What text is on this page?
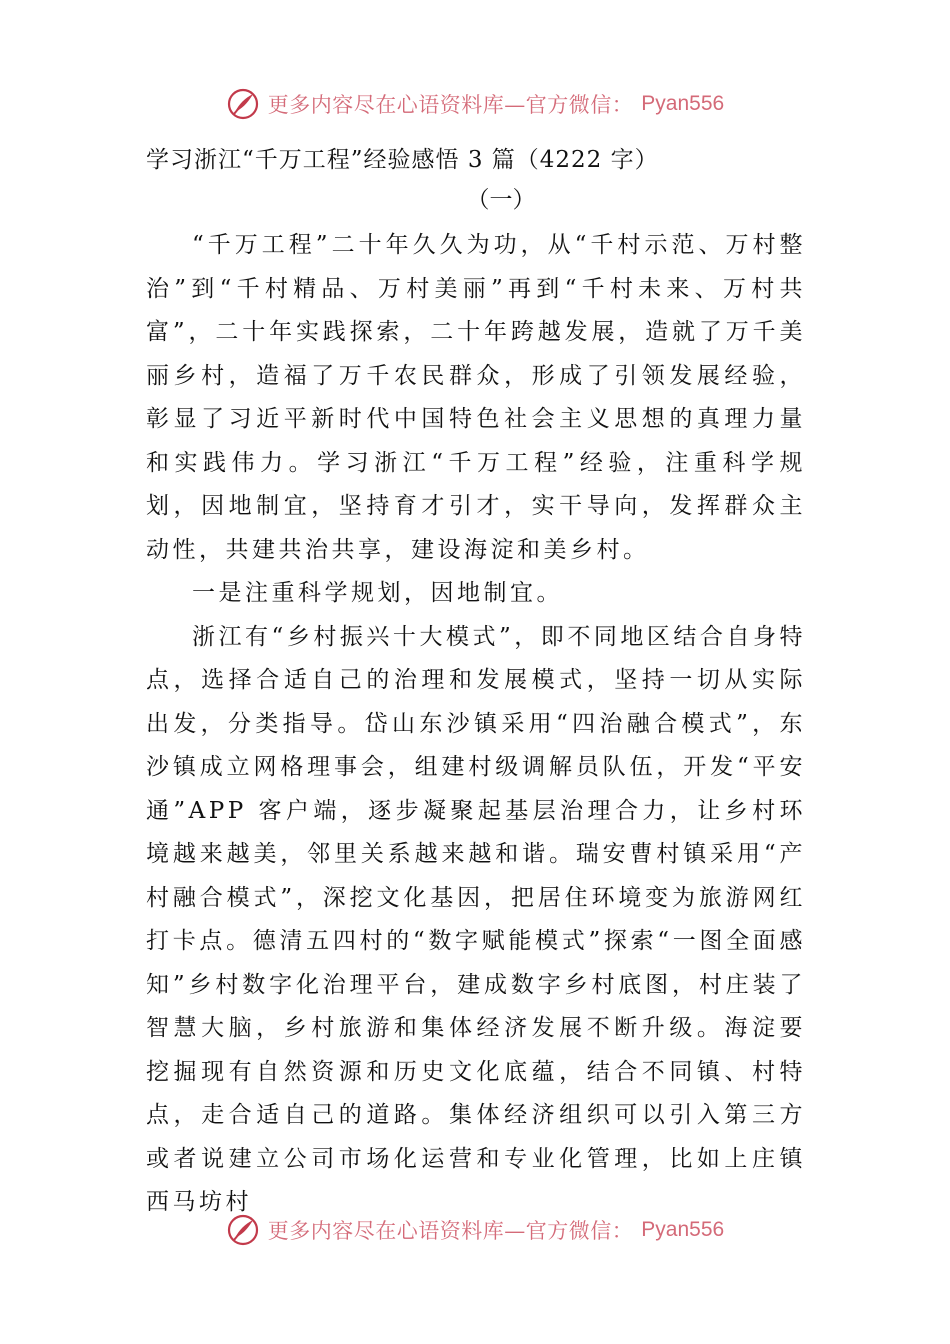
更多内容尽在心语资料库—官方微信： Pyan556

学习浙江“千万工程”经验感悟 3 篇（4222 字）

（一）

“千万工程”二十年久久为功，从“千村示范、万村整治”到“千村精品、万村美丽”再到“千村未来、万村共富”，二十年实践探索，二十年跨越发展，造就了万千美丽乡村，造福了万千农民群众，形成了引领发展经验，彰显了习近平新时代中国特色社会主义思想的真理力量和实践伟力。学习浙江“千万工程”经验，注重科学规划，因地制宜，坚持育才引才，实干导向，发挥群众主动性，共建共治共享，建设海淀和美乡村。

一是注重科学规划，因地制宜。

浙江有“乡村振兴十大模式”，即不同地区结合自身特点，选择合适自己的治理和发展模式，坚持一切从实际出发，分类指导。岱山东沙镇采用“四治融合模式”，东沙镇成立网格理事会，组建村级调解员队伍，开发“平安通”APP 客户端，逐步凝聚起基层治理合力，让乡村环境越来越美，邻里关系越来越和谐。瑞安曹村镇采用“产村融合模式”，深挖文化基因，把居住环境变为旅游网红打卡点。德清五四村的“数字赋能模式”探索“一图全面感知”乡村数字化治理平台，建成数字乡村底图，村庄装了智慧大脑，乡村旅游和集体经济发展不断升级。海淀要挖掘现有自然资源和历史文化底蕴，结合不同镇、村特点，走合适自己的道路。集体经济组织可以引入第三方或者说建立公司市场化运营和专业化管理，比如上庄镇西马坊村

更多内容尽在心语资料库—官方微信： Pyan556
